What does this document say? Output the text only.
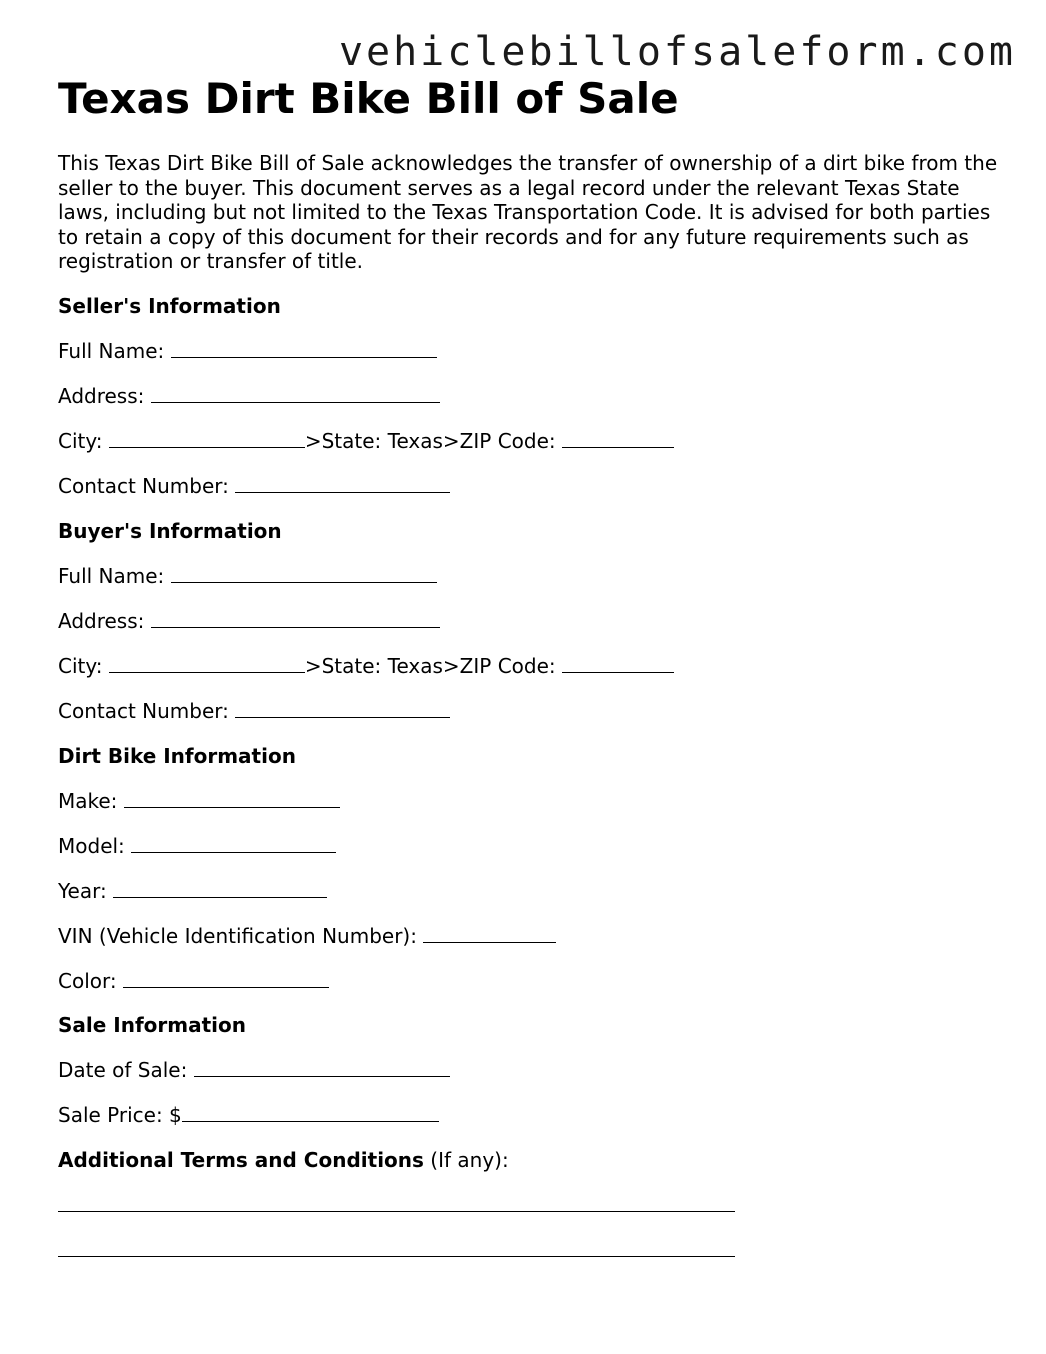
vehiclebillofsaleform.com
Texas Dirt Bike Bill of Sale

This Texas Dirt Bike Bill of Sale acknowledges the transfer of ownership of a dirt bike from the seller to the buyer. This document serves as a legal record under the relevant Texas State laws, including but not limited to the Texas Transportation Code. It is advised for both parties to retain a copy of this document for their records and for any future requirements such as registration or transfer of title.

Seller's Information
Full Name:
Address:
City:	>State: Texas>ZIP Code:
Contact Number:
Buyer's Information
Full Name:
Address:
City:	>State: Texas>ZIP Code:
Contact Number:
Dirt Bike Information
Make:
Model:
Year:
VIN (Vehicle Identification Number):
Color:
Sale Information
Date of Sale:
Sale Price: $
Additional Terms and Conditions (If any):
